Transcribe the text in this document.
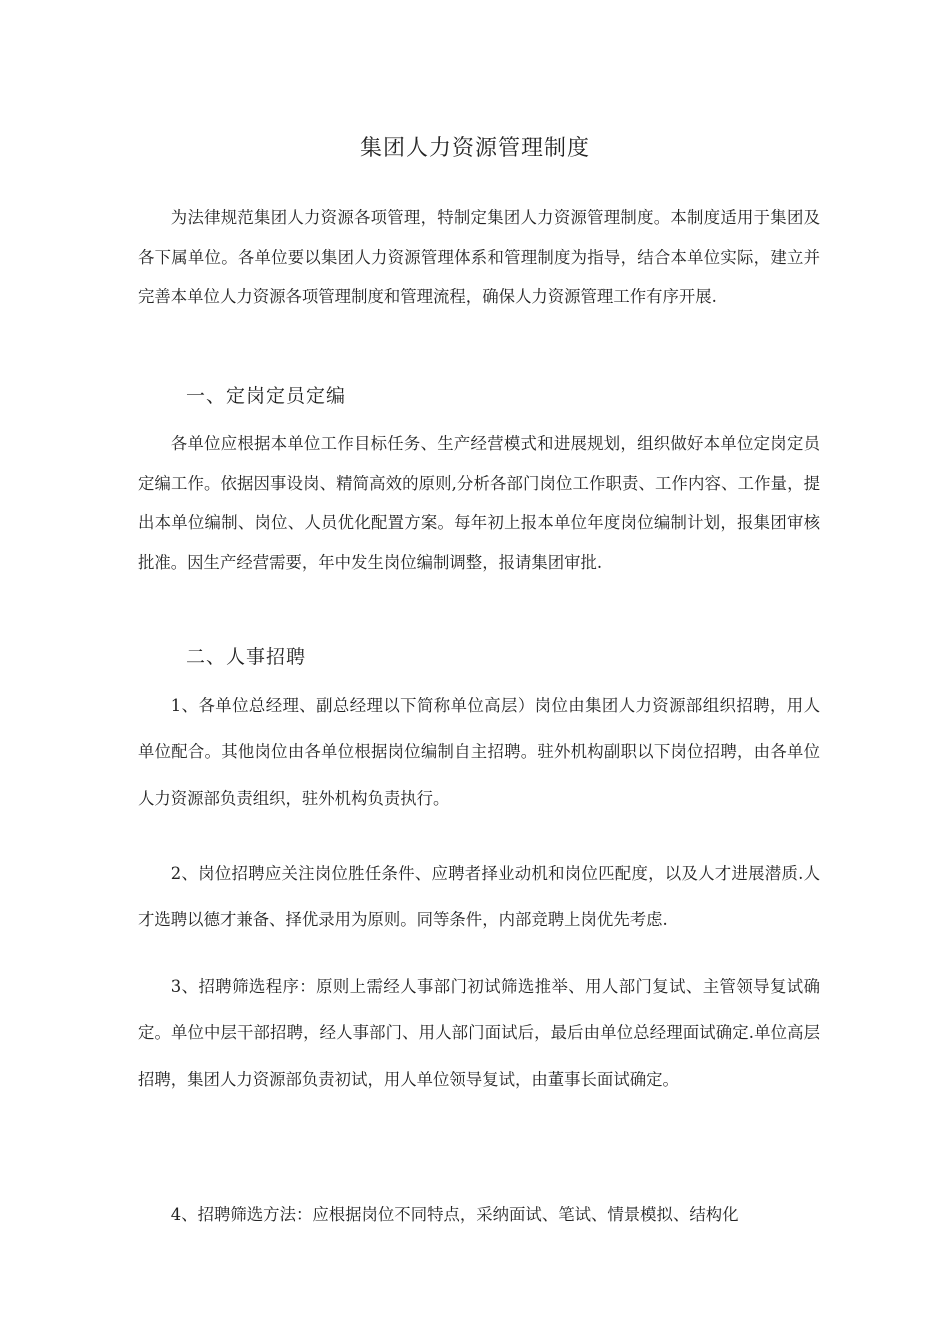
集团人力资源管理制度

为法律规范集团人力资源各项管理，特制定集团人力资源管理制度。本制度适用于集团及各下属单位。各单位要以集团人力资源管理体系和管理制度为指导，结合本单位实际，建立并完善本单位人力资源各项管理制度和管理流程，确保人力资源管理工作有序开展.

一、定岗定员定编

各单位应根据本单位工作目标任务、生产经营模式和进展规划，组织做好本单位定岗定员定编工作。依据因事设岗、精简高效的原则,分析各部门岗位工作职责、工作内容、工作量，提出本单位编制、岗位、人员优化配置方案。每年初上报本单位年度岗位编制计划，报集团审核批准。因生产经营需要，年中发生岗位编制调整，报请集团审批.

二、人事招聘

1、各单位总经理、副总经理以下简称单位高层）岗位由集团人力资源部组织招聘，用人单位配合。其他岗位由各单位根据岗位编制自主招聘。驻外机构副职以下岗位招聘，由各单位人力资源部负责组织，驻外机构负责执行。

2、岗位招聘应关注岗位胜任条件、应聘者择业动机和岗位匹配度，以及人才进展潜质.人才选聘以德才兼备、择优录用为原则。同等条件，内部竞聘上岗优先考虑.

3、招聘筛选程序：原则上需经人事部门初试筛选推举、用人部门复试、主管领导复试确定。单位中层干部招聘，经人事部门、用人部门面试后，最后由单位总经理面试确定.单位高层招聘，集团人力资源部负责初试，用人单位领导复试，由董事长面试确定。

4、招聘筛选方法：应根据岗位不同特点，采纳面试、笔试、情景模拟、结构化
